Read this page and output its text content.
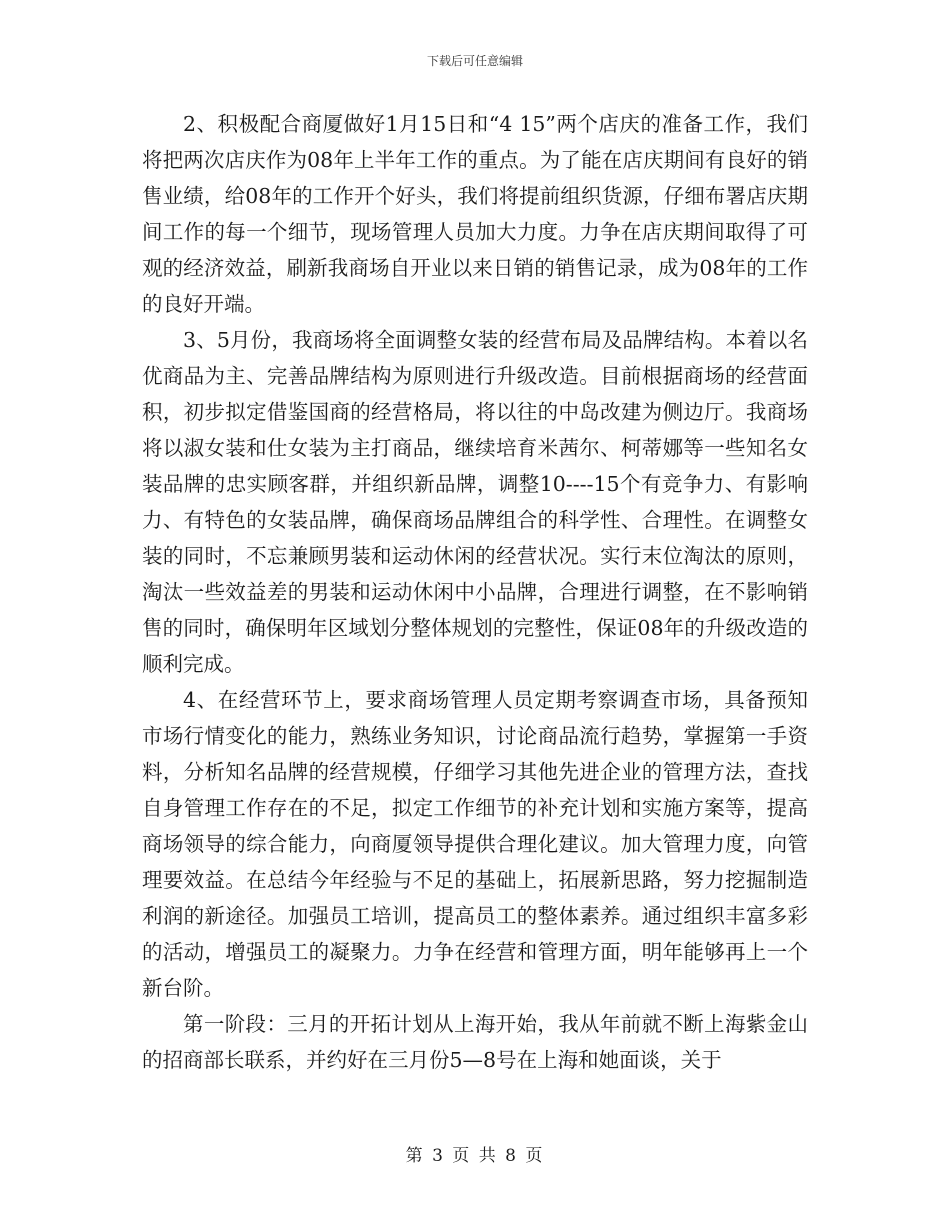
下载后可任意编辑

2、积极配合商厦做好1月15日和“4 15”两个店庆的准备工作，我们将把两次店庆作为08年上半年工作的重点。为了能在店庆期间有良好的销售业绩，给08年的工作开个好头，我们将提前组织货源，仔细布署店庆期间工作的每一个细节，现场管理人员加大力度。力争在店庆期间取得了可观的经济效益，刷新我商场自开业以来日销的销售记录，成为08年的工作的良好开端。

3、5月份，我商场将全面调整女装的经营布局及品牌结构。本着以名优商品为主、完善品牌结构为原则进行升级改造。目前根据商场的经营面积，初步拟定借鉴国商的经营格局，将以往的中岛改建为侧边厅。我商场将以淑女装和仕女装为主打商品，继续培育米茜尔、柯蒂娜等一些知名女装品牌的忠实顾客群，并组织新品牌，调整10----15个有竞争力、有影响力、有特色的女装品牌，确保商场品牌组合的科学性、合理性。在调整女装的同时，不忘兼顾男装和运动休闲的经营状况。实行末位淘汰的原则，淘汰一些效益差的男装和运动休闲中小品牌，合理进行调整，在不影响销售的同时，确保明年区域划分整体规划的完整性，保证08年的升级改造的顺利完成。

4、在经营环节上，要求商场管理人员定期考察调查市场，具备预知市场行情变化的能力，熟练业务知识，讨论商品流行趋势，掌握第一手资料，分析知名品牌的经营规模，仔细学习其他先进企业的管理方法，查找自身管理工作存在的不足，拟定工作细节的补充计划和实施方案等，提高商场领导的综合能力，向商厦领导提供合理化建议。加大管理力度，向管理要效益。在总结今年经验与不足的基础上，拓展新思路，努力挖掘制造利润的新途径。加强员工培训，提高员工的整体素养。通过组织丰富多彩的活动，增强员工的凝聚力。力争在经营和管理方面，明年能够再上一个新台阶。

第一阶段：三月的开拓计划从上海开始，我从年前就不断上海紫金山的招商部长联系，并约好在三月份5—8号在上海和她面谈，关于

第 3 页 共 8 页
